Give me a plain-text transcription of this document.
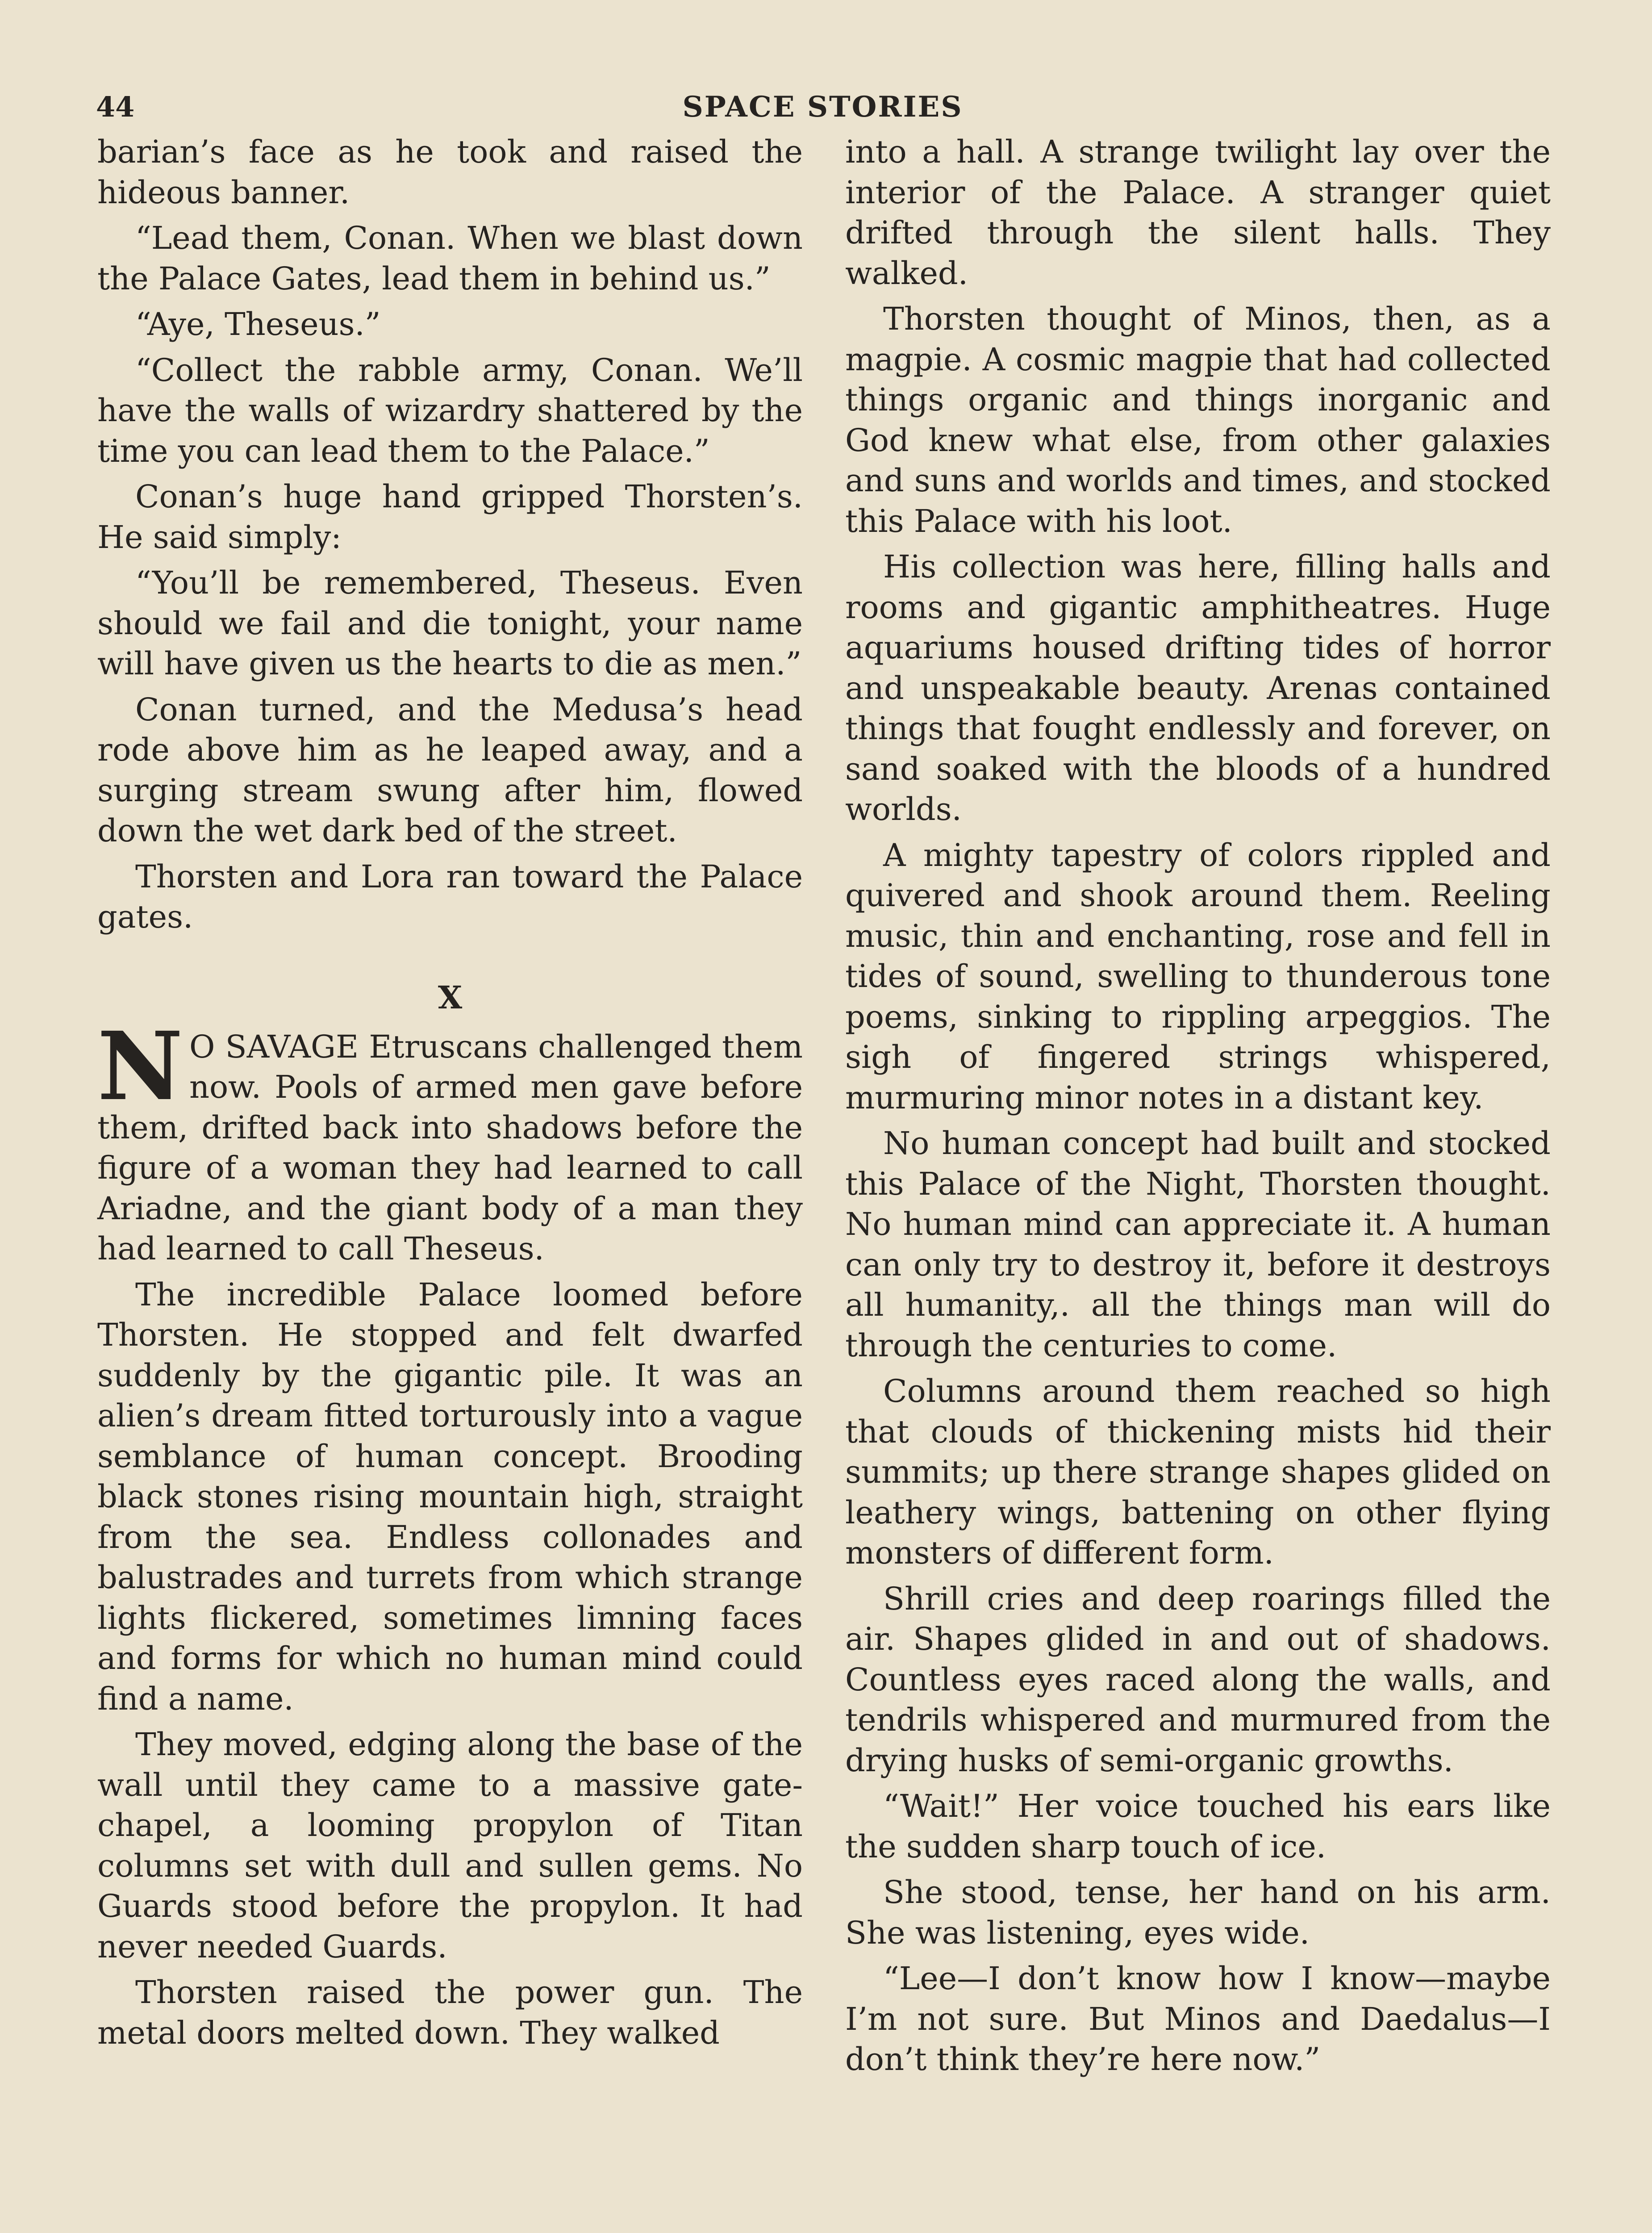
44	SPACE STORIES

barian’s face as he took and raised the hideous banner.

“Lead them, Conan. When we blast down the Palace Gates, lead them in behind us.”

“Aye, Theseus.”

“Collect the rabble army, Conan. We’ll have the walls of wizardry shattered by the time you can lead them to the Palace.”

Conan’s huge hand gripped Thorsten’s. He said simply:

“You’ll be remembered, Theseus. Even should we fail and die tonight, your name will have given us the hearts to die as men.”

Conan turned, and the Medusa’s head rode above him as he leaped away, and a surging stream swung after him, flowed down the wet dark bed of the street.

Thorsten and Lora ran toward the Palace gates.

X

N O SAVAGE Etruscans challenged them now. Pools of armed men gave before them, drifted back into shadows before the figure of a woman they had learned to call Ariadne, and the giant body of a man they had learned to call Theseus.

The incredible Palace loomed before Thorsten. He stopped and felt dwarfed suddenly by the gigantic pile. It was an alien’s dream fitted torturously into a vague semblance of human concept. Brooding black stones rising mountain high, straight from the sea. Endless collonades and balustrades and turrets from which strange lights flickered, sometimes limning faces and forms for which no human mind could find a name.

They moved, edging along the base of the wall until they came to a massive gate-chapel, a looming propylon of Titan columns set with dull and sullen gems. No Guards stood before the propylon. It had never needed Guards.

Thorsten raised the power gun. The metal doors melted down. They walked

into a hall. A strange twilight lay over the interior of the Palace. A stranger quiet drifted through the silent halls. They walked.

Thorsten thought of Minos, then, as a magpie. A cosmic magpie that had collected things organic and things inorganic and God knew what else, from other galaxies and suns and worlds and times, and stocked this Palace with his loot.

His collection was here, filling halls and rooms and gigantic amphitheatres. Huge aquariums housed drifting tides of horror and unspeakable beauty. Arenas contained things that fought endlessly and forever, on sand soaked with the bloods of a hundred worlds.

A mighty tapestry of colors rippled and quivered and shook around them. Reeling music, thin and enchanting, rose and fell in tides of sound, swelling to thunderous tone poems, sinking to rippling arpeggios. The sigh of fingered strings whispered, murmuring minor notes in a distant key.

No human concept had built and stocked this Palace of the Night, Thorsten thought. No human mind can appreciate it. A human can only try to destroy it, before it destroys all humanity,. all the things man will do through the centuries to come.

Columns around them reached so high that clouds of thickening mists hid their summits; up there strange shapes glided on leathery wings, battening on other flying monsters of different form.

Shrill cries and deep roarings filled the air. Shapes glided in and out of shadows. Countless eyes raced along the walls, and tendrils whispered and murmured from the drying husks of semi-organic growths.

“Wait!” Her voice touched his ears like the sudden sharp touch of ice.

She stood, tense, her hand on his arm. She was listening, eyes wide.

“Lee—I don’t know how I know—maybe I’m not sure. But Minos and Daedalus—I don’t think they’re here now.”
